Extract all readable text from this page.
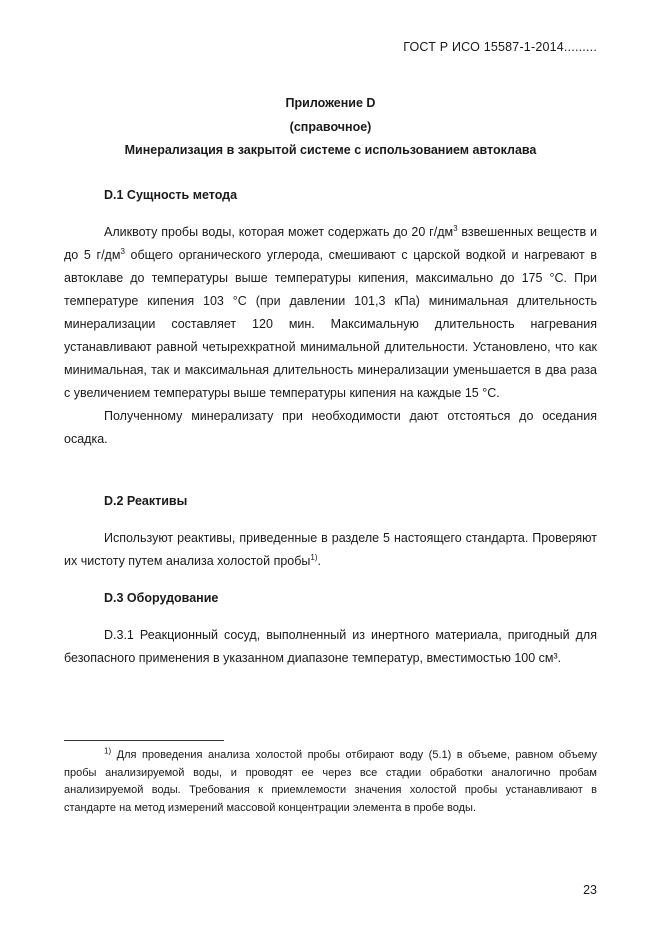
ГОСТ Р ИСО 15587-1-2014.........
Приложение D
(справочное)
Минерализация в закрытой системе с использованием автоклава
D.1 Сущность метода

Аликвоту пробы воды, которая может содержать до 20 $г/дм^3$ взвешенных веществ и до 5 $г/дм^3$ общего органического углерода, смешивают с царской водкой и нагревают в автоклаве до температуры выше температуры кипения, максимально до 175 °С. При температуре кипения 103 °С (при давлении 101,3 кПа) минимальная длительность минерализации составляет 120 мин. Максимальную длительность нагревания устанавливают равной четырехкратной минимальной длительности. Установлено, что как минимальная, так и максимальная длительность минерализации уменьшается в два раза с увеличением температуры выше температуры кипения на каждые 15 °С.

Полученному минерализату при необходимости дают отстояться до оседания осадка.

D.2 Реактивы

Используют реактивы, приведенные в разделе 5 настоящего стандарта. Проверяют их чистоту путем анализа холостой пробы$^{1)}$.

D.3 Оборудование

D.3.1 Реакционный сосуд, выполненный из инертного материала, пригодный для безопасного применения в указанном диапазоне температур, вместимостью 100 см³.

$^{1)}$ Для проведения анализа холостой пробы отбирают воду (5.1) в объеме, равном объему пробы анализируемой воды, и проводят ее через все стадии обработки аналогично пробам анализируемой воды. Требования к приемлемости значения холостой пробы устанавливают в стандарте на метод измерений массовой концентрации элемента в пробе воды.

23
